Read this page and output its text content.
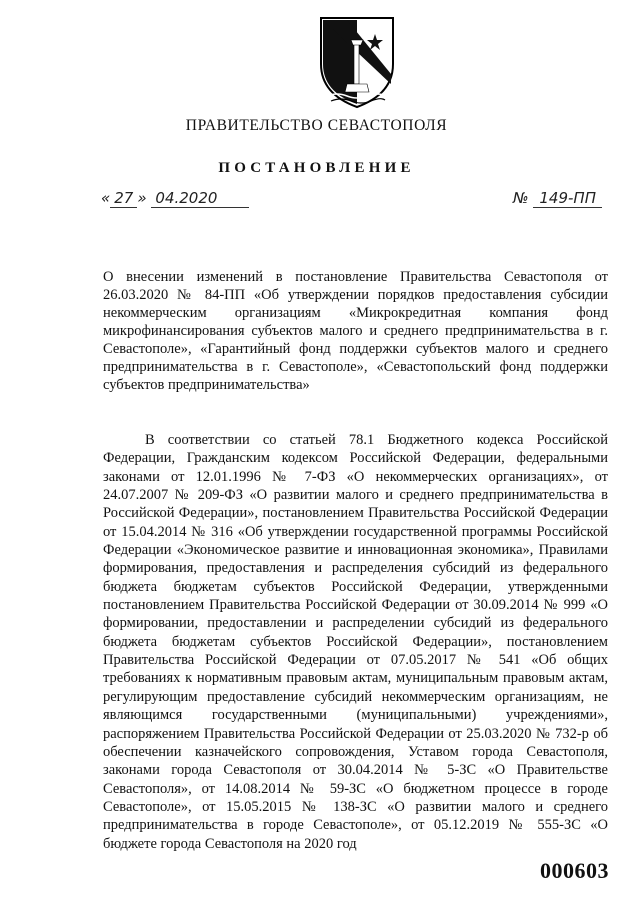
ПРАВИТЕЛЬСТВО СЕВАСТОПОЛЯ
ПОСТАНОВЛЕНИЕ
« 27 » 04.2020	№ 149-ПП
О внесении изменений в постановление Правительства Севастополя от 26.03.2020 № 84-ПП «Об утверждении порядков предоставления субсидии некоммерческим организациям «Микрокредитная компания фонд микрофинансирования субъектов малого и среднего предпринимательства в г. Севастополе», «Гарантийный фонд поддержки субъектов малого и среднего предпринимательства в г. Севастополе», «Севастопольский фонд поддержки субъектов предпринимательства»
В соответствии со статьей 78.1 Бюджетного кодекса Российской Федерации, Гражданским кодексом Российской Федерации, федеральными законами от 12.01.1996 № 7-ФЗ «О некоммерческих организациях», от 24.07.2007 № 209-ФЗ «О развитии малого и среднего предпринимательства в Российской Федерации», постановлением Правительства Российской Федерации от 15.04.2014 № 316 «Об утверждении государственной программы Российской Федерации «Экономическое развитие и инновационная экономика», Правилами формирования, предоставления и распределения субсидий из федерального бюджета бюджетам субъектов Российской Федерации, утвержденными постановлением Правительства Российской Федерации от 30.09.2014 № 999 «О формировании, предоставлении и распределении субсидий из федерального бюджета бюджетам субъектов Российской Федерации», постановлением Правительства Российской Федерации от 07.05.2017 № 541 «Об общих требованиях к нормативным правовым актам, муниципальным правовым актам, регулирующим предоставление субсидий некоммерческим организациям, не являющимся государственными (муниципальными) учреждениями», распоряжением Правительства Российской Федерации от 25.03.2020 № 732-р об обеспечении казначейского сопровождения, Уставом города Севастополя, законами города Севастополя от 30.04.2014 № 5-ЗС «О Правительстве Севастополя», от 14.08.2014 № 59-ЗС «О бюджетном процессе в городе Севастополе», от 15.05.2015 № 138-ЗС «О развитии малого и среднего предпринимательства в городе Севастополе», от 05.12.2019 № 555-ЗС «О бюджете города Севастополя на 2020 год
000603
